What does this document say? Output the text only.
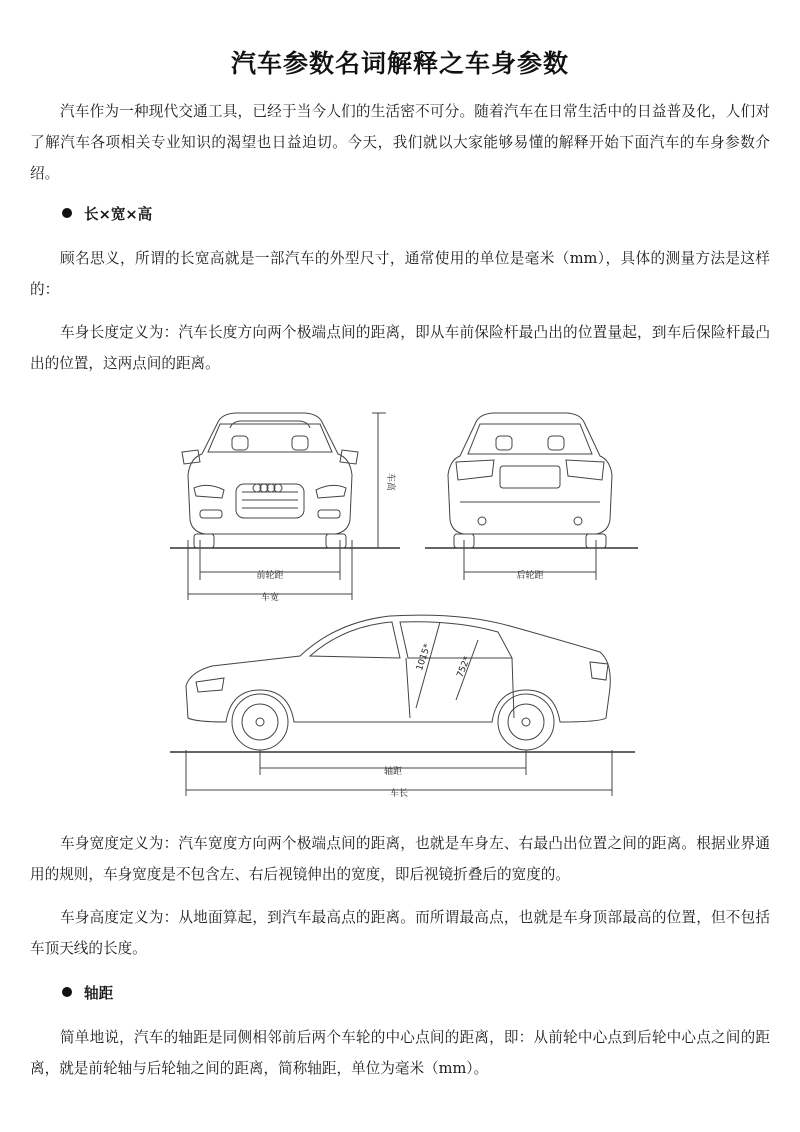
汽车参数名词解释之车身参数

汽车作为一种现代交通工具，已经于当今人们的生活密不可分。随着汽车在日常生活中的日益普及化，人们对了解汽车各项相关专业知识的渴望也日益迫切。今天，我们就以大家能够易懂的解释开始下面汽车的车身参数介绍。

长×宽×高

顾名思义，所谓的长宽高就是一部汽车的外型尺寸，通常使用的单位是毫米（mm），具体的测量方法是这样的：

车身长度定义为：汽车长度方向两个极端点间的距离，即从车前保险杆最凸出的位置量起，到车后保险杆最凸出的位置，这两点间的距离。

前轮距
车宽
车高
后轮距
轴距
车长
1015* 752*

车身宽度定义为：汽车宽度方向两个极端点间的距离，也就是车身左、右最凸出位置之间的距离。根据业界通用的规则，车身宽度是不包含左、右后视镜伸出的宽度，即后视镜折叠后的宽度的。

车身高度定义为：从地面算起，到汽车最高点的距离。而所谓最高点，也就是车身顶部最高的位置，但不包括车顶天线的长度。

轴距

简单地说，汽车的轴距是同侧相邻前后两个车轮的中心点间的距离，即：从前轮中心点到后轮中心点之间的距离，就是前轮轴与后轮轴之间的距离，简称轴距，单位为毫米（mm）。
